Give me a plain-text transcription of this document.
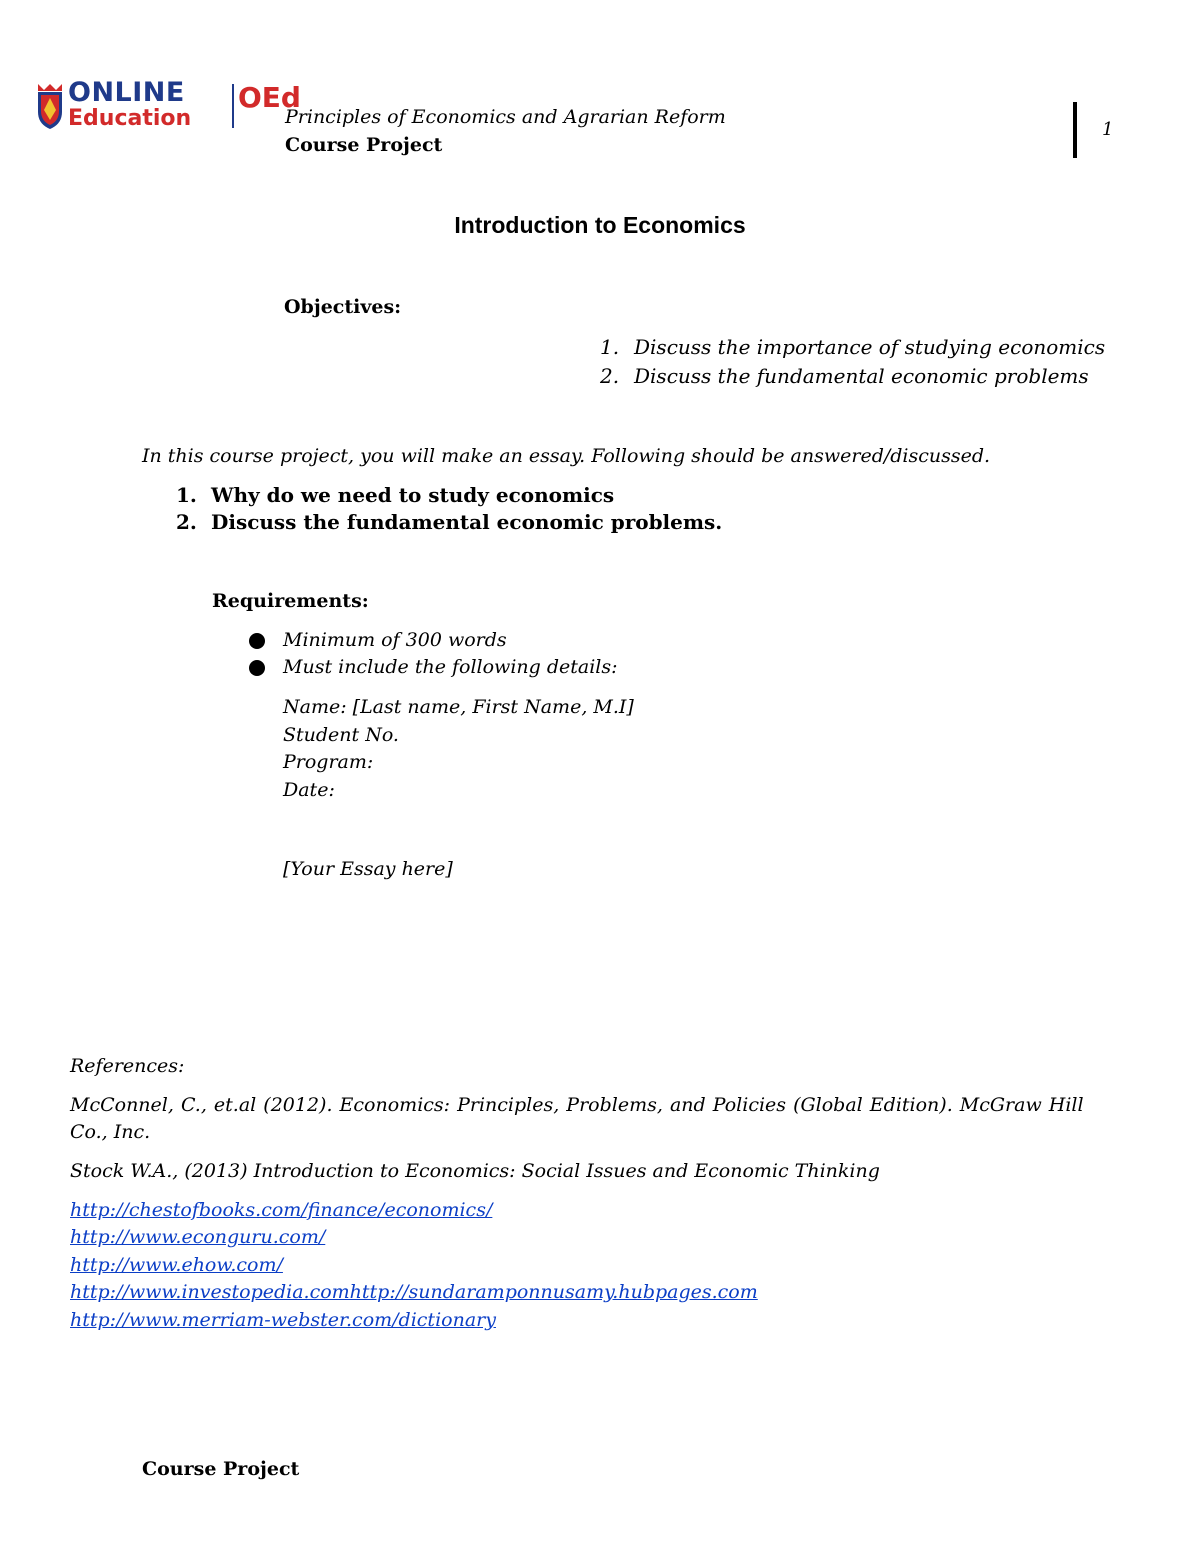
ONLINE
Education
OEd
Principles of Economics and Agrarian Reform
Course Project
1
Introduction to Economics
Objectives:
1. Discuss the importance of studying economics
2. Discuss the fundamental economic problems
In this course project, you will make an essay. Following should be answered/discussed.
1. Why do we need to study economics
2. Discuss the fundamental economic problems.
Requirements:
Minimum of 300 words
Must include the following details:
Name: [Last name, First Name, M.I]
Student No.
Program:
Date:
[Your Essay here]
References:
McConnel, C., et.al (2012). Economics: Principles, Problems, and Policies (Global Edition). McGraw Hill
Co., Inc.
Stock W.A., (2013) Introduction to Economics: Social Issues and Economic Thinking
http://chestofbooks.com/finance/economics/
http://www.econguru.com/
http://www.ehow.com/
http://www.investopedia.comhttp://sundaramponnusamy.hubpages.com
http://www.merriam-webster.com/dictionary
Course Project
